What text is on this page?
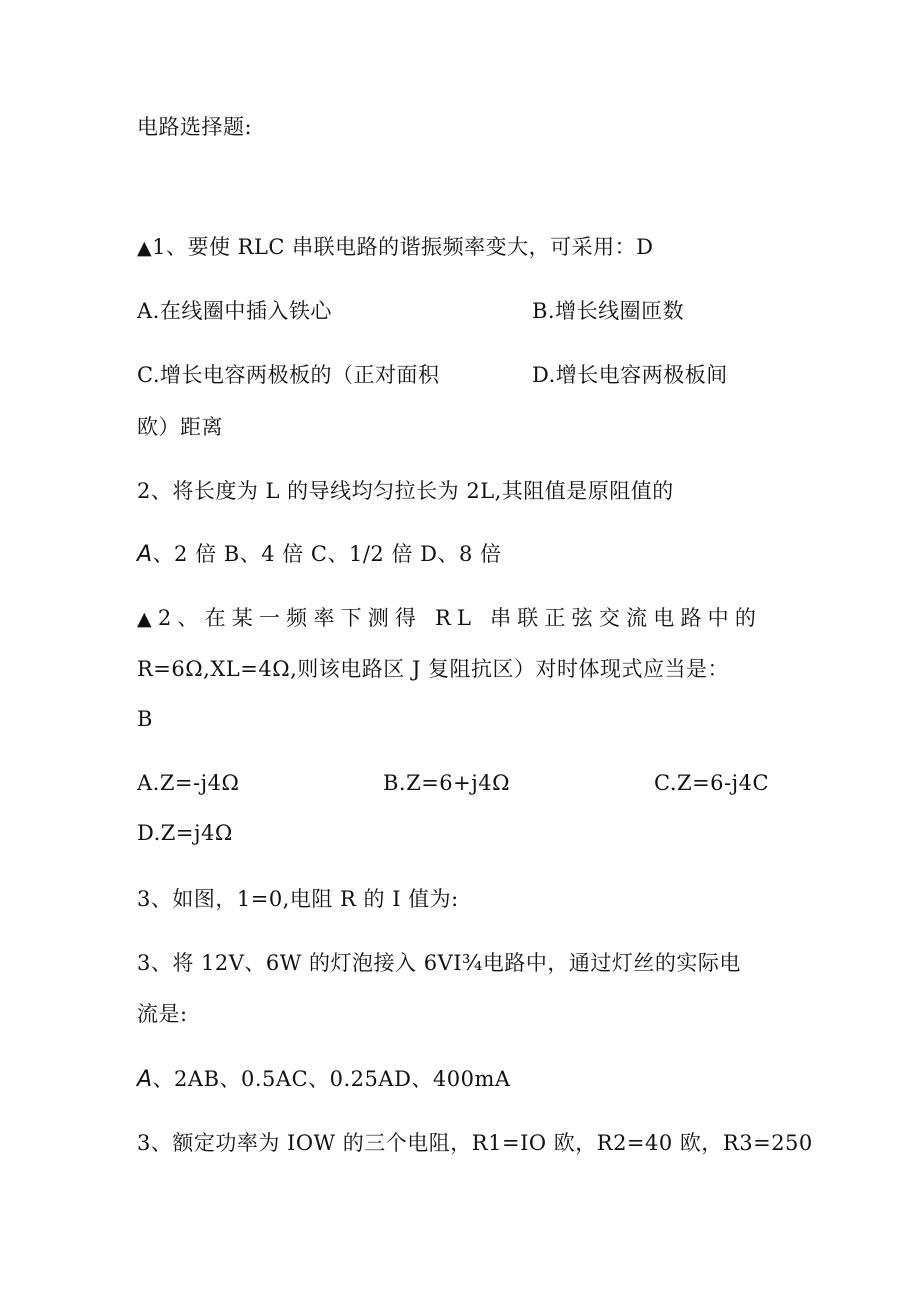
电路选择题:
▲1、要使 RLC 串联电路的谐振频率变大，可采用：D
A.在线圈中插入铁心	B.增长线圈匝数
C.增长电容两极板的（正对面积	D.增长电容两极板间
欧）距离
2、将长度为 L 的导线均匀拉长为 2L,其阻值是原阻值的
A、2 倍 B、4 倍 C、1/2 倍 D、8 倍
▲2、在某一频率下测得 RL 串联正弦交流电路中的
R=6Ω,XL=4Ω,则该电路区 J 复阻抗区）对时体现式应当是：
B
A.Z=-j4Ω	B.Z=6+j4Ω	C.Z=6-j4C
D.Z=j4Ω
3、如图，1=0,电阻 R 的 I 值为:
3、将 12V、6W 的灯泡接入 6VI¾电路中，通过灯丝的实际电
流是:
A、2AB、0.5AC、0.25AD、400mA
3、额定功率为 IOW 的三个电阻，R1=IO 欧，R2=40 欧，R3=250
